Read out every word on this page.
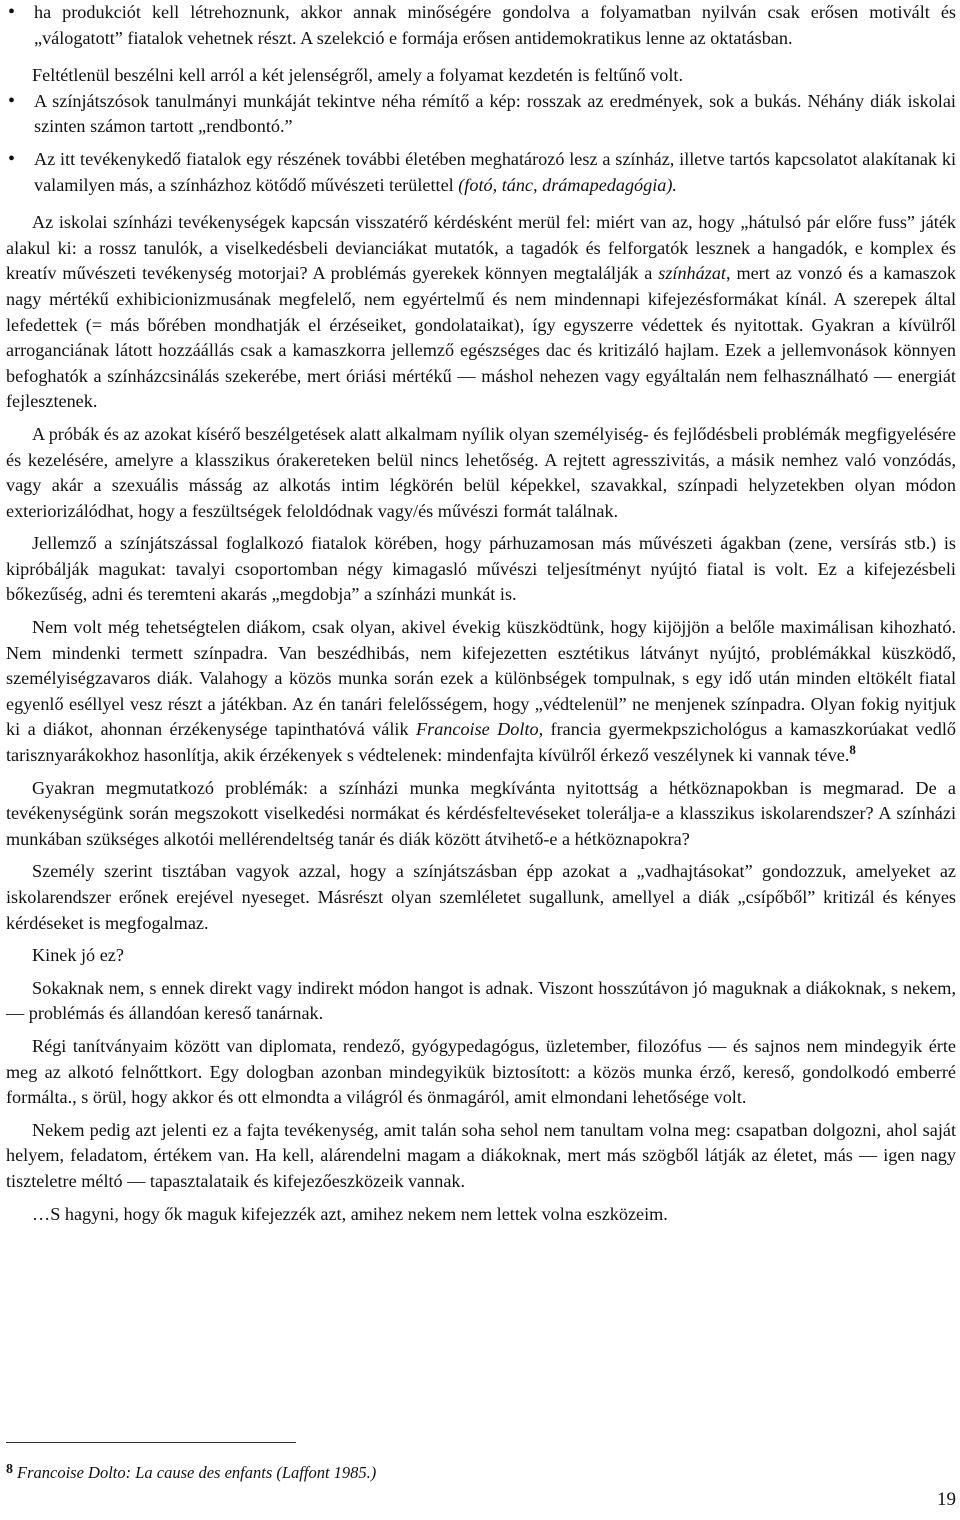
• ha produkciót kell létrehoznunk, akkor annak minőségére gondolva a folyamatban nyilván csak erősen motivált és „válogatott” fiatalok vehetnek részt. A szelekció e formája erősen antidemokratikus lenne az oktatásban.

Feltétlenül beszélni kell arról a két jelenségről, amely a folyamat kezdetén is feltűnő volt.

• A színjátszósok tanulmányi munkáját tekintve néha rémítő a kép: rosszak az eredmények, sok a bukás. Néhány diák iskolai szinten számon tartott „rendbontó.”
• Az itt tevékenykedő fiatalok egy részének további életében meghatározó lesz a színház, illetve tartós kapcsolatot alakítanak ki valamilyen más, a színházhoz kötődő művészeti területtel (fotó, tánc, drámapedagógia).

Az iskolai színházi tevékenységek kapcsán visszatérő kérdésként merül fel: miért van az, hogy „hátulsó pár előre fuss” játék alakul ki: a rossz tanulók, a viselkedésbeli devianciákat mutatók, a tagadók és felforgatók lesznek a hangadók, e komplex és kreatív művészeti tevékenység motorjai? A problémás gyerekek könnyen megtalálják a színházat, mert az vonzó és a kamaszok nagy mértékű exhibicionizmusának megfelelő, nem egyértelmű és nem mindennapi kifejezésformákat kínál. A szerepek által lefedettek (= más bőrében mondhatják el érzéseiket, gondolataikat), így egyszerre védettek és nyitottak. Gyakran a kívülről arroganciának látott hozzáállás csak a kamaszkorra jellemző egészséges dac és kritizáló hajlam. Ezek a jellemvonások könnyen befoghatók a színházcsinálás szekerébe, mert óriási mértékű — máshol nehezen vagy egyáltalán nem felhasználható — energiát fejlesztenek.

A próbák és az azokat kísérő beszélgetések alatt alkalmam nyílik olyan személyiség- és fejlődésbeli problémák megfigyelésére és kezelésére, amelyre a klasszikus órakereteken belül nincs lehetőség. A rejtett agresszivitás, a másik nemhez való vonzódás, vagy akár a szexuális másság az alkotás intim légkörén belül képekkel, szavakkal, színpadi helyzetekben olyan módon exteriorizálódhat, hogy a feszültségek feloldódnak vagy/és művészi formát találnak.

Jellemző a színjátszással foglalkozó fiatalok körében, hogy párhuzamosan más művészeti ágakban (zene, versírás stb.) is kipróbálják magukat: tavalyi csoportomban négy kimagasló művészi teljesítményt nyújtó fiatal is volt. Ez a kifejezésbeli bőkezűség, adni és teremteni akarás „megdobja” a színházi munkát is.

Nem volt még tehetségtelen diákom, csak olyan, akivel évekig küszködtünk, hogy kijöjjön a belőle maximálisan kihozható. Nem mindenki termett színpadra. Van beszédhibás, nem kifejezetten esztétikus látványt nyújtó, problémákkal küszködő, személyiségzavaros diák. Valahogy a közös munka során ezek a különbségek tompulnak, s egy idő után minden eltökélt fiatal egyenlő eséllyel vesz részt a játékban. Az én tanári felelősségem, hogy „védtelenül” ne menjenek színpadra. Olyan fokig nyitjuk ki a diákot, ahonnan érzékenysége tapinthatóvá válik Francoise Dolto, francia gyermekpszichológus a kamaszkorúakat vedlő tarisznyarákokhoz hasonlítja, akik érzékenyek s védtelenek: mindenfajta kívülről érkező veszélynek ki vannak téve.$^8$

Gyakran megmutatkozó problémák: a színházi munka megkívánta nyitottság a hétköznapokban is megmarad. De a tevékenységünk során megszokott viselkedési normákat és kérdésfeltevéseket tolerálja-e a klasszikus iskolarendszer? A színházi munkában szükséges alkotói mellérendeltség tanár és diák között átvihető-e a hétköznapokra?

Személy szerint tisztában vagyok azzal, hogy a színjátszásban épp azokat a „vadhajtásokat” gondozzuk, amelyeket az iskolarendszer erőnek erejével nyeseget. Másrészt olyan szemléletet sugallunk, amellyel a diák „csípőből” kritizál és kényes kérdéseket is megfogalmaz.

Kinek jó ez?

Sokaknak nem, s ennek direkt vagy indirekt módon hangot is adnak. Viszont hosszútávon jó maguknak a diákoknak, s nekem, — problémás és állandóan kereső tanárnak.

Régi tanítványaim között van diplomata, rendező, gyógypedagógus, üzletember, filozófus — és sajnos nem mindegyik érte meg az alkotó felnőttkort. Egy dologban azonban mindegyikük biztosított: a közös munka érző, kereső, gondolkodó emberré formálta., s örül, hogy akkor és ott elmondta a világról és önmagáról, amit elmondani lehetősége volt.

Nekem pedig azt jelenti ez a fajta tevékenység, amit talán soha sehol nem tanultam volna meg: csapatban dolgozni, ahol saját helyem, feladatom, értékem van. Ha kell, alárendelni magam a diákoknak, mert más szögből látják az életet, más — igen nagy tiszteletre méltó — tapasztalataik és kifejezőeszközeik vannak.

…S hagyni, hogy ők maguk kifejezzék azt, amihez nekem nem lettek volna eszközeim.

$^8$ Francoise Dolto: La cause des enfants (Laffont 1985.)
19
